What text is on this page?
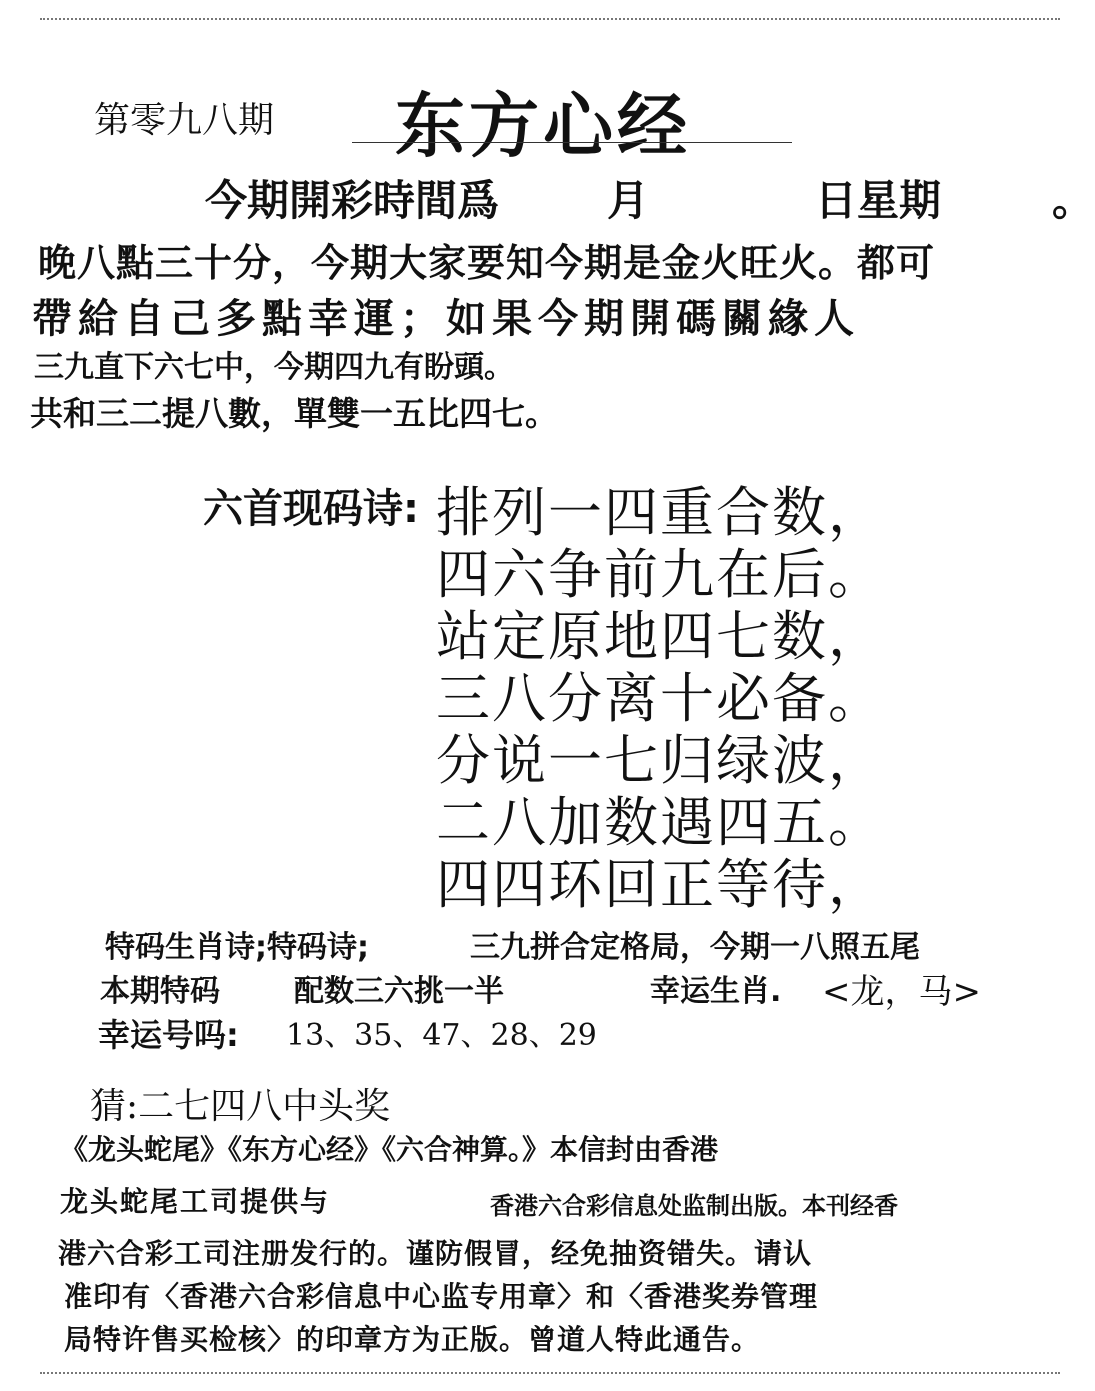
第零九八期 东方心经
今期開彩時間爲	月	日星期	。
晚八點三十分，今期大家要知今期是金火旺火。都可
帶給自己多點幸運；如果今期開碼關緣人
三九直下六七中，今期四九有盼頭。
共和三二提八數，單雙一五比四七。
六首现码诗: 排列一四重合数，
四六争前九在后。
站定原地四七数，
三八分离十必备。
分说一七归绿波，
二八加数遇四五。
四四环回正等待，
特码生肖诗;特码诗;	三九拼合定格局，今期一八照五尾
本期特码 配数三六挑一半	幸运生肖. <龙，马>
幸运号吗: 13、35、47、28、29
猜:二七四八中头奖
《龙头蛇尾》《东方心经》《六合神算。》本信封由香港
龙头蛇尾工司提供与	香港六合彩信息处监制出版。本刊经香
港六合彩工司注册发行的。谨防假冒，经免抽资错失。请认
准印有〈香港六合彩信息中心监专用章〉和〈香港奖券管理
局特许售买检核〉的印章方为正版。曾道人特此通告。
